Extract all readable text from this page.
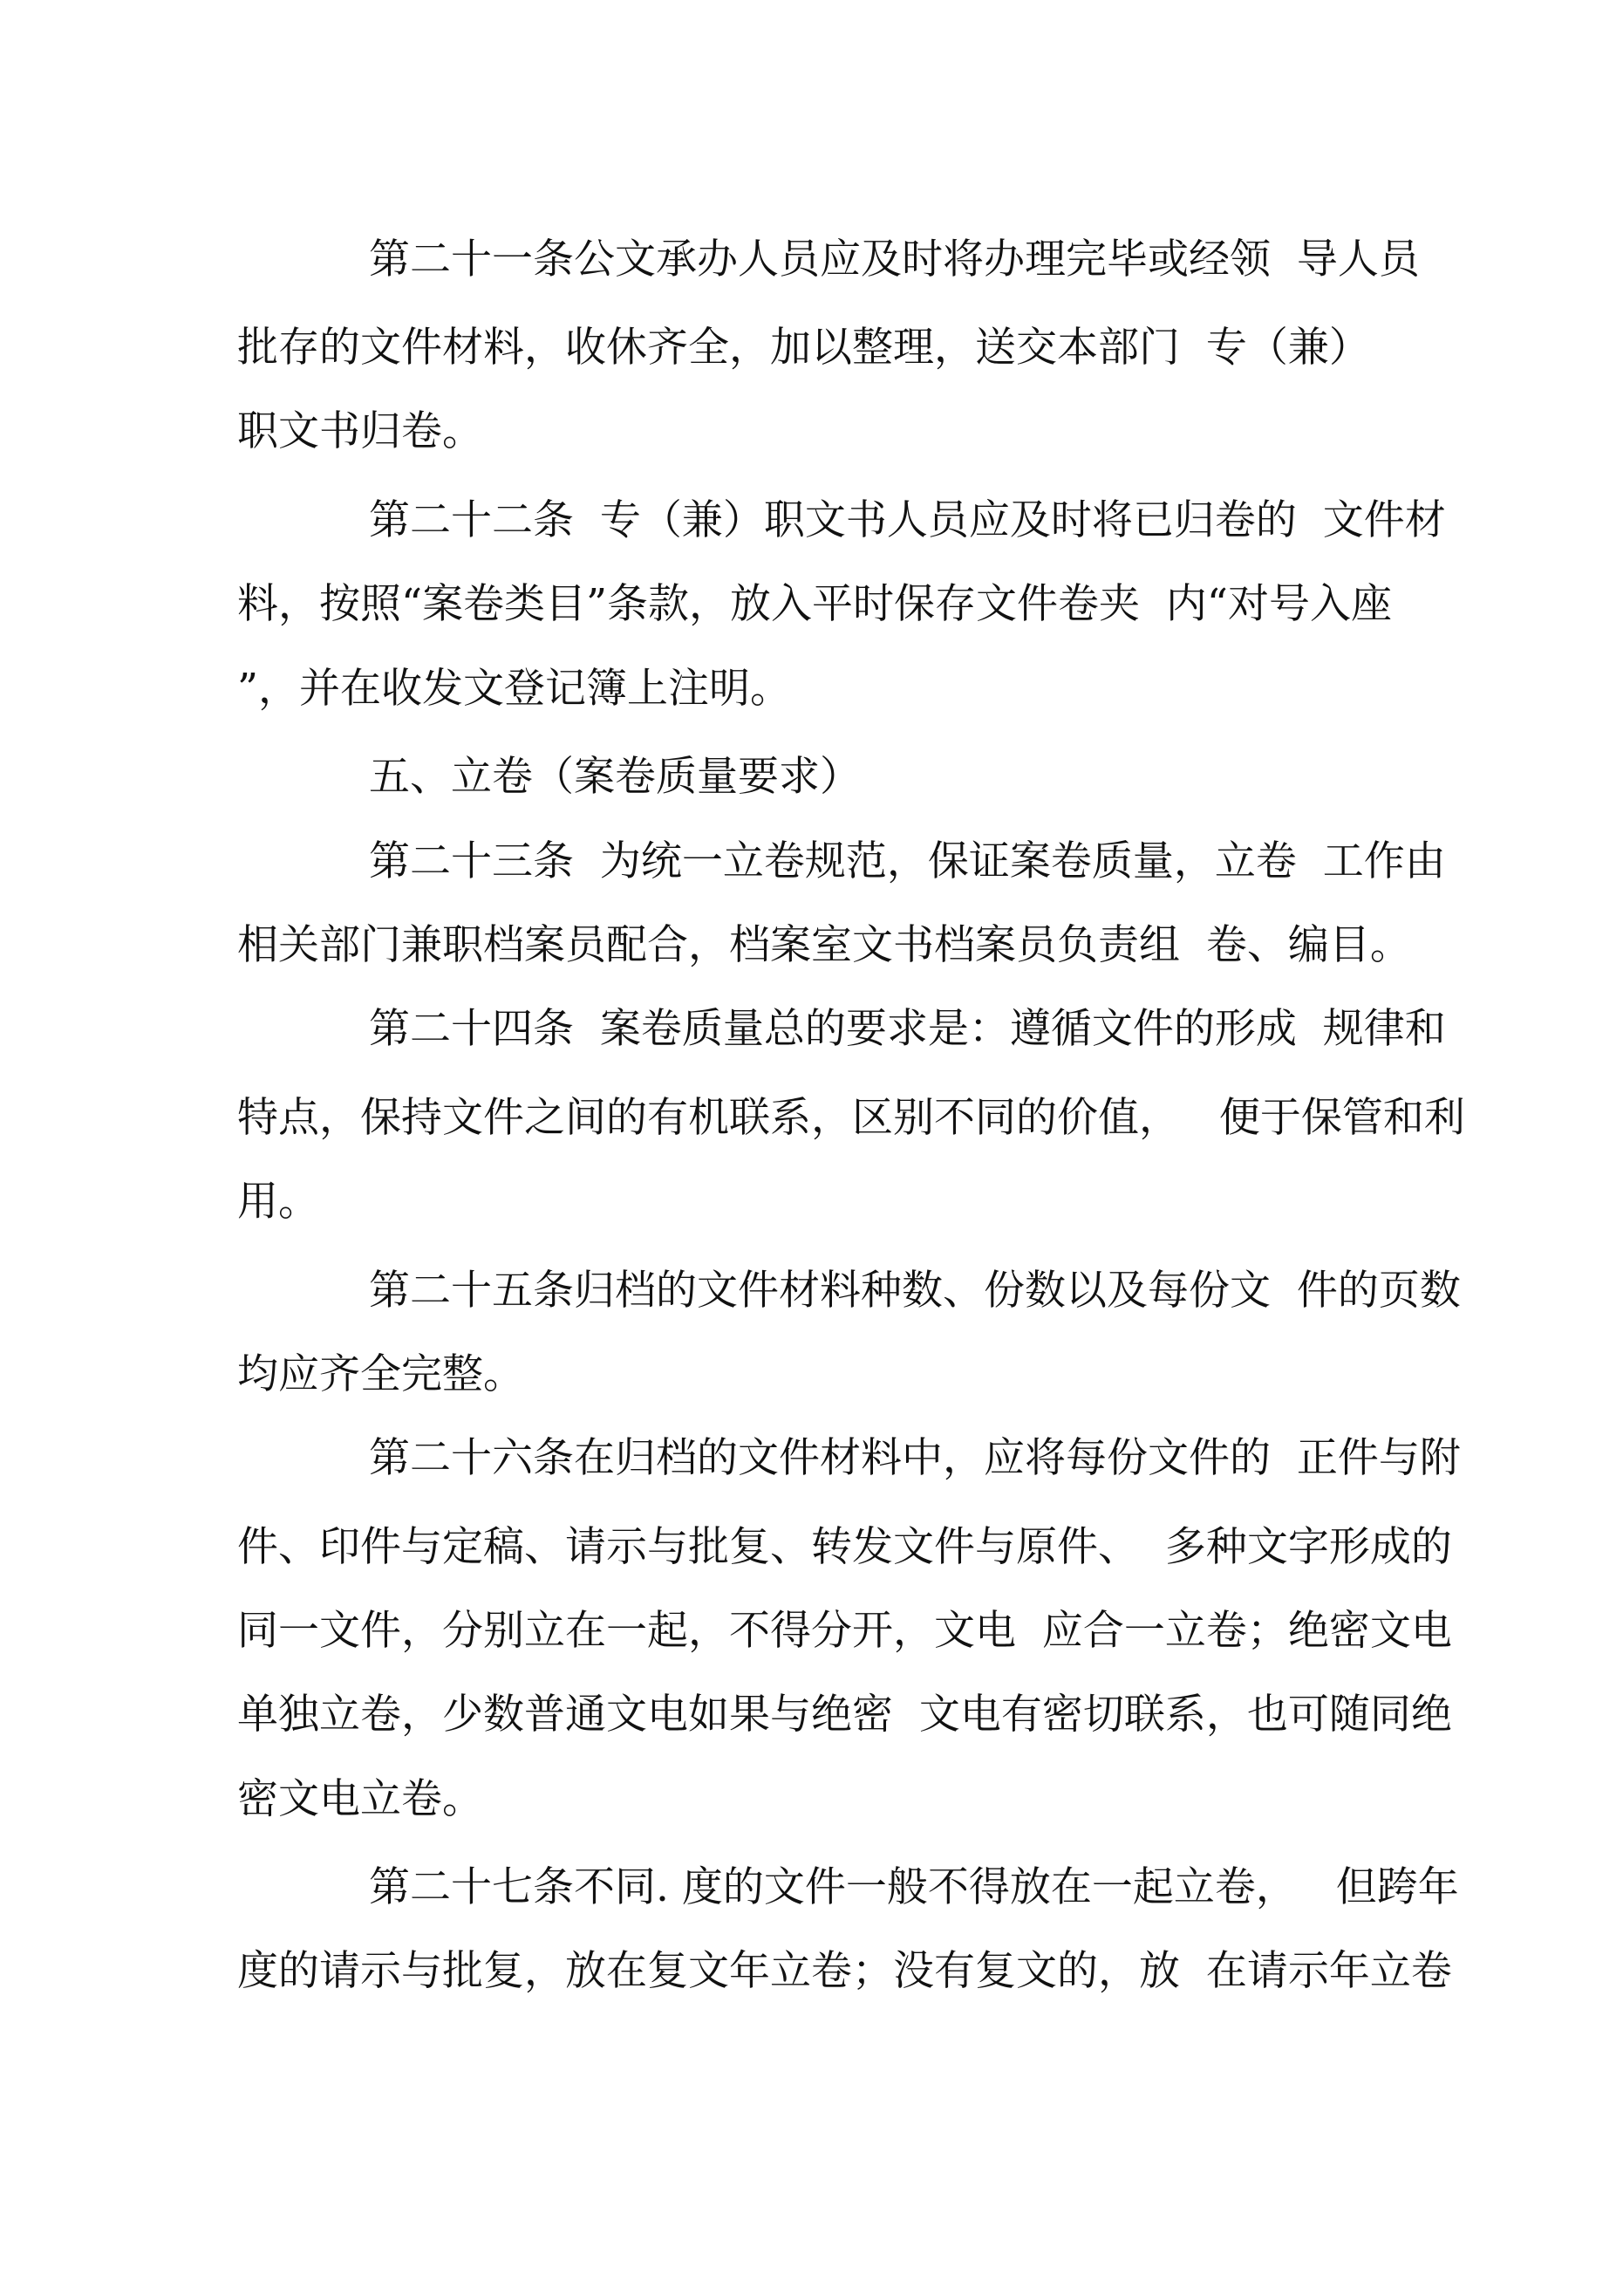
第二十一条公文承办人员应及时将办理完毕或经领  导人员

批存的文件材料，收休齐全，加以整理，送交本部门  专（兼）

职文书归卷。

第二十二条  专（兼）职文书人员应及时将已归卷的  文件材

料，按照“案卷类目”条款，放入平时保存文件卷夹  内“对号入座

”，并在收发文登记簿上注明。

五、立卷（案卷质量要求）

第二十三条  为统一立卷规范，保证案卷质量，立卷  工作由

相关部门兼职档案员配合，档案室文书档案员负责组  卷、编目。

第二十四条  案卷质量总的要求是：遵循文件的形成  规律和

特点，保持文件之间的有机联系，区别不同的价值，   便于保管和利

用。

第二十五条归档的文件材料种数、份数以及每份文  件的页数

均应齐全完整。

第二十六条在归档的文件材料中，应将每份文件的  正件与附

件、印件与定稿、请示与批复、转发文件与原件、  多种文字形成的

同一文件，分别立在一起，不得分开，文电  应合一立卷；绝密文电

单独立卷，少数普通文电如果与绝密  文电有密切联系，也可随同绝

密文电立卷。

第二十七条不同. 度的文件一般不得放在一起立卷，   但跨年

度的请示与批复，放在复文年立卷；没有复文的，放  在请示年立卷
